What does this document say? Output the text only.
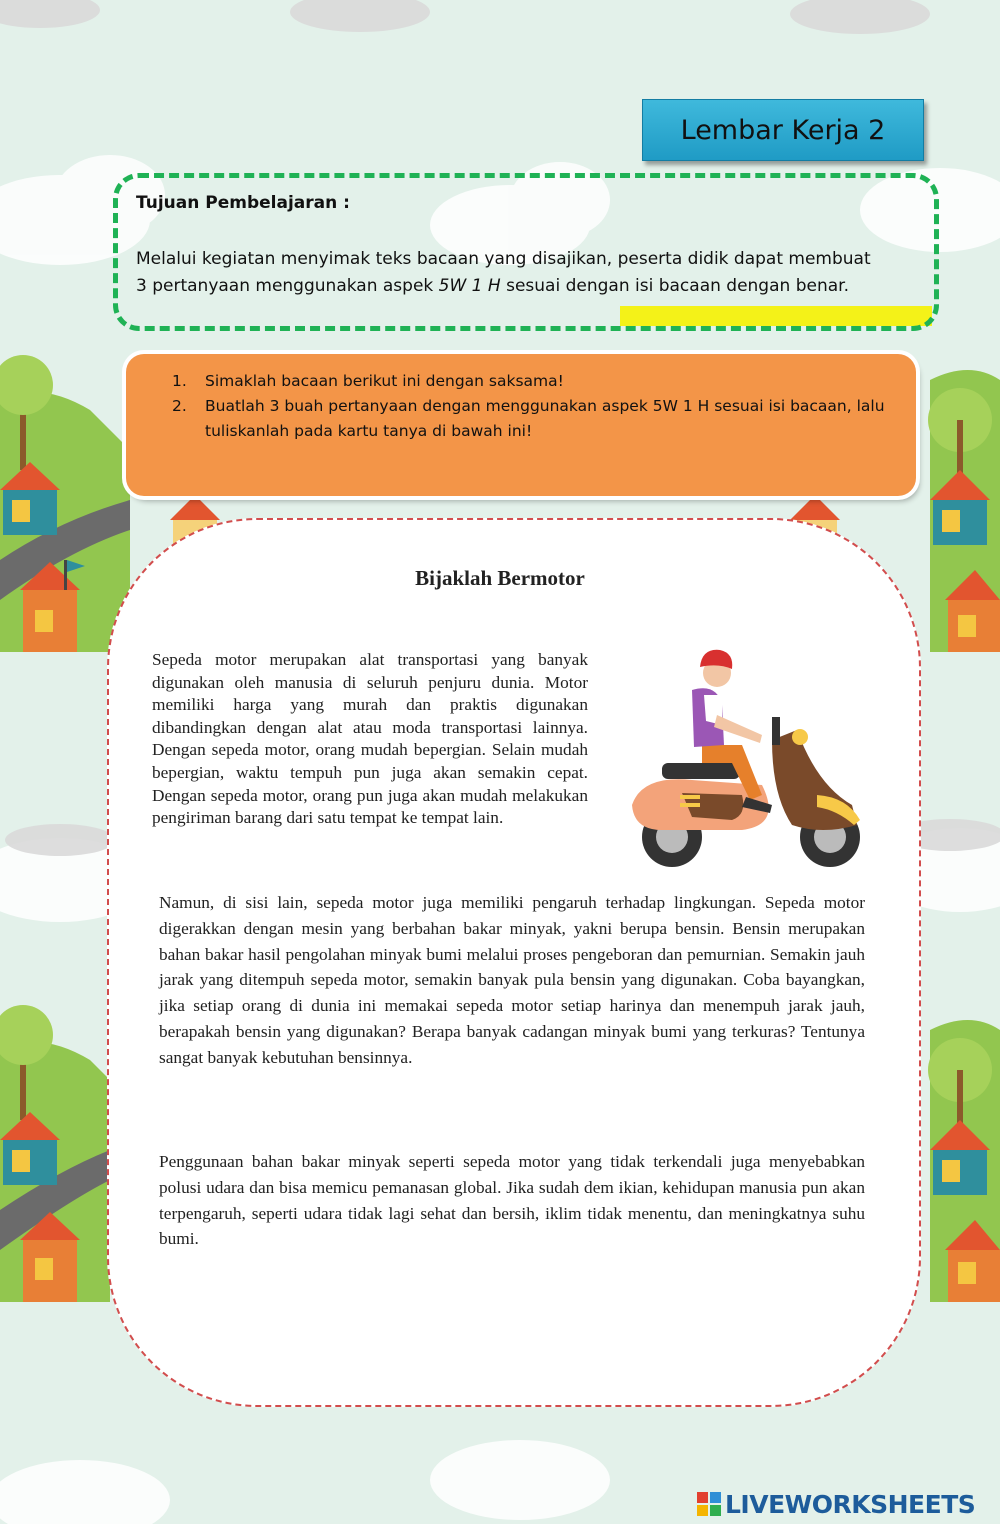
Lembar Kerja 2
Tujuan Pembelajaran :
Melalui kegiatan menyimak teks bacaan yang disajikan, peserta didik dapat membuat
3 pertanyaan menggunakan aspek 5W 1 H sesuai dengan isi bacaan dengan benar.
1. Simaklah bacaan berikut ini dengan saksama!
2. Buatlah 3 buah pertanyaan dengan menggunakan aspek 5W 1 H sesuai isi bacaan, lalu tuliskanlah pada kartu tanya di bawah ini!
Bijaklah Bermotor

Sepeda motor merupakan alat transportasi yang banyak digunakan oleh manusia di seluruh penjuru dunia. Motor memiliki harga yang murah dan praktis digunakan dibandingkan dengan alat atau moda transportasi lainnya. Dengan sepeda motor, orang mudah bepergian. Selain mudah bepergian, waktu tempuh pun juga akan semakin cepat. Dengan sepeda motor, orang pun juga akan mudah melakukan pengiriman barang dari satu tempat ke tempat lain.

Namun, di sisi lain, sepeda motor juga memiliki pengaruh terhadap lingkungan. Sepeda motor digerakkan dengan mesin yang berbahan bakar minyak, yakni berupa bensin. Bensin merupakan bahan bakar hasil pengolahan minyak bumi melalui proses pengeboran dan pemurnian. Semakin jauh jarak yang ditempuh sepeda motor, semakin banyak pula bensin yang digunakan. Coba bayangkan, jika setiap orang di dunia ini memakai sepeda motor setiap harinya dan menempuh jarak jauh, berapakah bensin yang digunakan? Berapa banyak cadangan minyak bumi yang terkuras? Tentunya sangat banyak kebutuhan bensinnya.

Penggunaan bahan bakar minyak seperti sepeda motor yang tidak terkendali juga menyebabkan polusi udara dan bisa memicu pemanasan global. Jika sudah dem ikian, kehidupan manusia pun akan terpengaruh, seperti udara tidak lagi sehat dan bersih, iklim tidak menentu, dan meningkatnya suhu bumi.

LIVEWORKSHEETS
